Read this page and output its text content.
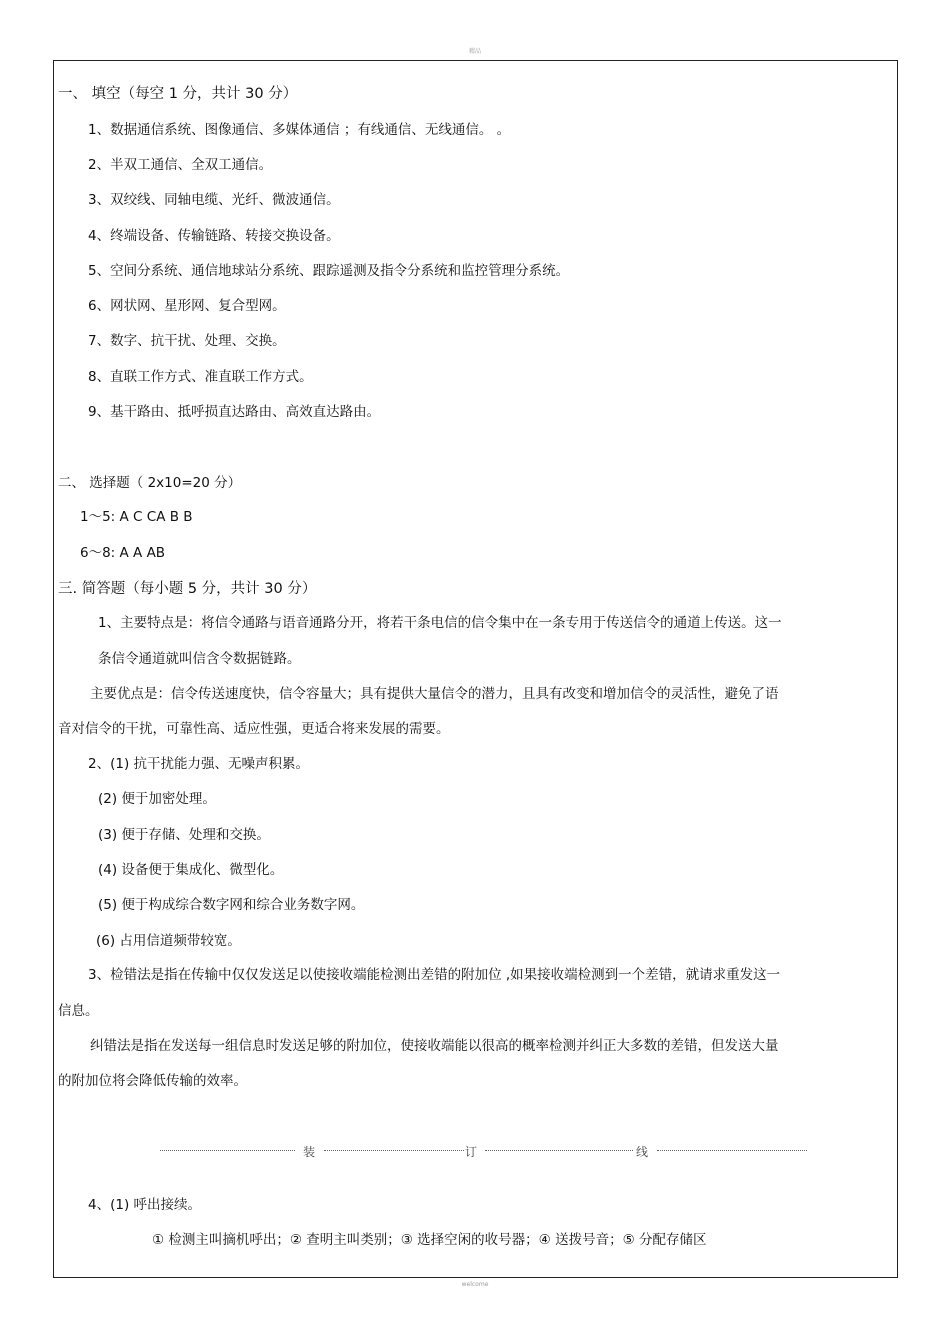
精品
一、 填空（每空 1 分，共计 30 分）
1、数据通信系统、图像通信、多媒体通信 ；有线通信、无线通信。 。
2、半双工通信、全双工通信。
3、双绞线、同轴电缆、光纤、微波通信。
4、终端设备、传输链路、转接交换设备。
5、空间分系统、通信地球站分系统、跟踪遥测及指令分系统和监控管理分系统。
6、网状网、星形网、复合型网。
7、数字、抗干扰、处理、交换。
8、直联工作方式、准直联工作方式。
9、基干路由、抵呼损直达路由、高效直达路由。
二、 选择题（ 2x10=20 分）
1～5: A C CA B B
6～8: A A AB
三. 简答题（每小题 5 分，共计 30 分）
1、主要特点是：将信令通路与语音通路分开，将若干条电信的信令集中在一条专用于传送信令的通道上传送。这一
条信令通道就叫信含令数据链路。
主要优点是：信令传送速度快，信令容量大；具有提供大量信令的潜力，且具有改变和增加信令的灵活性，避免了语
音对信令的干扰，可靠性高、适应性强，更适合将来发展的需要。
2、(1) 抗干扰能力强、无噪声积累。
(2) 便于加密处理。
(3) 便于存储、处理和交换。
(4) 设备便于集成化、微型化。
(5) 便于构成综合数字网和综合业务数字网。
(6) 占用信道频带较宽。
3、检错法是指在传输中仅仅发送足以使接收端能检测出差错的附加位 ,如果接收端检测到一个差错，就请求重发这一
信息。
纠错法是指在发送每一组信息时发送足够的附加位，使接收端能以很高的概率检测并纠正大多数的差错，但发送大量
的附加位将会降低传输的效率。
装	订	线
4、(1) 呼出接续。
① 检测主叫摘机呼出；② 查明主叫类别；③ 选择空闲的收号器；④ 送拨号音；⑤ 分配存储区
welcome
